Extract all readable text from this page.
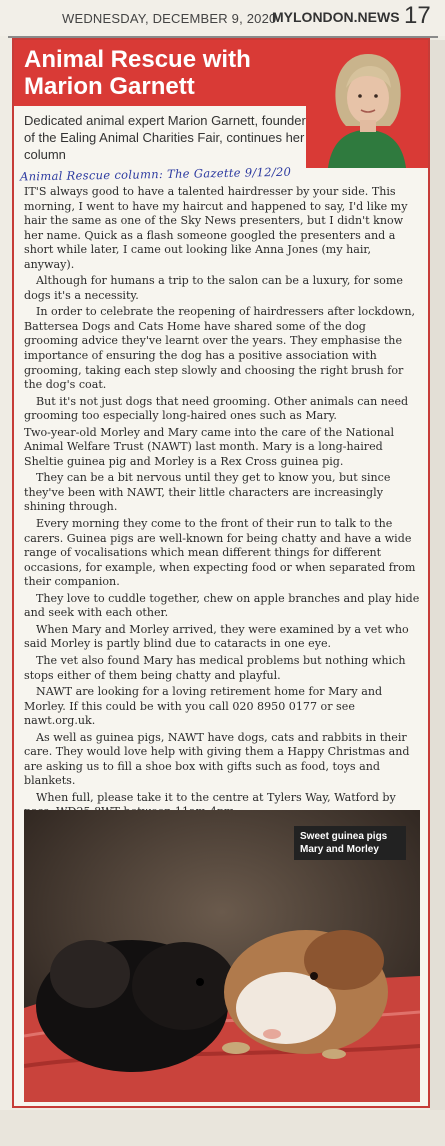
WEDNESDAY, DECEMBER 9, 2020
MYLONDON.NEWS 17
Animal Rescue with Marion Garnett
Dedicated animal expert Marion Garnett, founder of the Ealing Animal Charities Fair, continues her column
Animal Rescue column: The Gazette 9/12/20

IT'S always good to have a talented hairdresser by your side. This morning, I went to have my haircut and happened to say, I'd like my hair the same as one of the Sky News presenters, but I didn't know her name. Quick as a flash someone googled the presenters and a short while later, I came out looking like Anna Jones (my hair, anyway).

Although for humans a trip to the salon can be a luxury, for some dogs it's a necessity.

In order to celebrate the reopening of hairdressers after lockdown, Battersea Dogs and Cats Home have shared some of the dog grooming advice they've learnt over the years. They emphasise the importance of ensuring the dog has a positive association with grooming, taking each step slowly and choosing the right brush for the dog's coat.

But it's not just dogs that need grooming. Other animals can need grooming too especially long-haired ones such as Mary.

Two-year-old Morley and Mary came into the care of the National Animal Welfare Trust (NAWT) last month. Mary is a long-haired Sheltie guinea pig and Morley is a Rex Cross guinea pig.

They can be a bit nervous until they get to know you, but since they've been with NAWT, their little characters are increasingly shining through.

Every morning they come to the front of their run to talk to the carers. Guinea pigs are well-known for being chatty and have a wide range of vocalisations which mean different things for different occasions, for example, when expecting food or when separated from their companion.

They love to cuddle together, chew on apple branches and play hide and seek with each other.

When Mary and Morley arrived, they were examined by a vet who said Morley is partly blind due to cataracts in one eye.

The vet also found Mary has medical problems but nothing which stops either of them being chatty and playful.

NAWT are looking for a loving retirement home for Mary and Morley. If this could be with you call 020 8950 0177 or see nawt.org.uk.

As well as guinea pigs, NAWT have dogs, cats and rabbits in their care. They would love help with giving them a Happy Christmas and are asking us to fill a shoe box with gifts such as food, toys and blankets.

When full, please take it to the centre at Tylers Way, Watford by

Sweet guinea pigs Mary and Morley
